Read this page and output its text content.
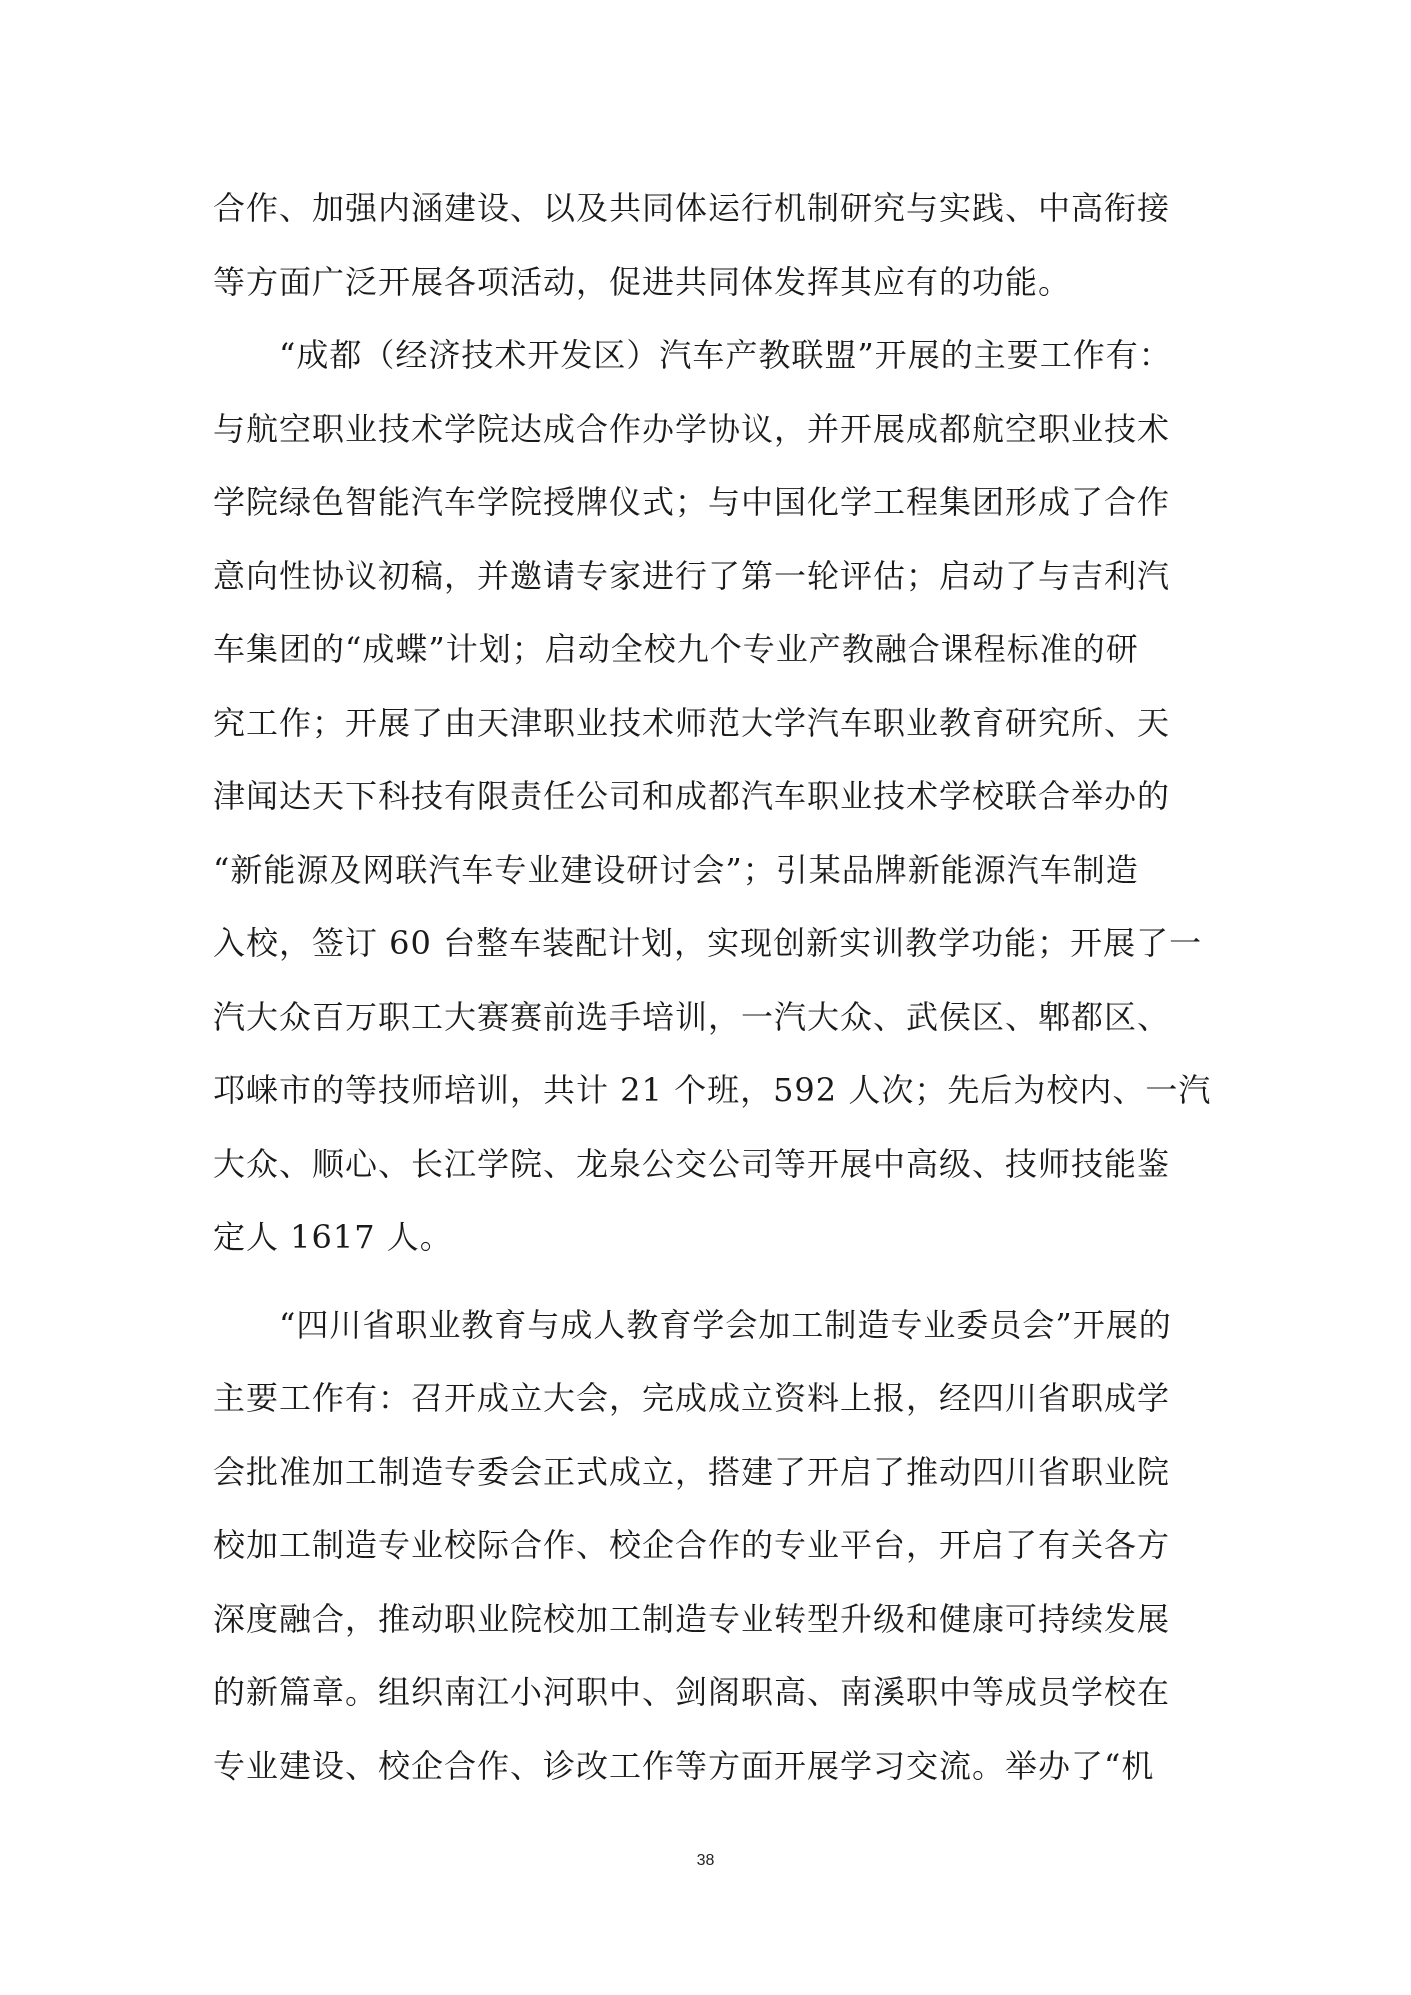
合作、加强内涵建设、以及共同体运行机制研究与实践、中高衔接
等方面广泛开展各项活动，促进共同体发挥其应有的功能。
“成都（经济技术开发区）汽车产教联盟”开展的主要工作有：
与航空职业技术学院达成合作办学协议，并开展成都航空职业技术
学院绿色智能汽车学院授牌仪式；与中国化学工程集团形成了合作
意向性协议初稿，并邀请专家进行了第一轮评估；启动了与吉利汽
车集团的“成蝶”计划；启动全校九个专业产教融合课程标准的研
究工作；开展了由天津职业技术师范大学汽车职业教育研究所、天
津闻达天下科技有限责任公司和成都汽车职业技术学校联合举办的
“新能源及网联汽车专业建设研讨会”；引某品牌新能源汽车制造
入校，签订 60 台整车装配计划，实现创新实训教学功能；开展了一
汽大众百万职工大赛赛前选手培训，一汽大众、武侯区、郫都区、
邛崃市的等技师培训，共计 21 个班，592 人次；先后为校内、一汽
大众、顺心、长江学院、龙泉公交公司等开展中高级、技师技能鉴
定人 1617 人。
“四川省职业教育与成人教育学会加工制造专业委员会”开展的
主要工作有：召开成立大会，完成成立资料上报，经四川省职成学
会批准加工制造专委会正式成立，搭建了开启了推动四川省职业院
校加工制造专业校际合作、校企合作的专业平台，开启了有关各方
深度融合，推动职业院校加工制造专业转型升级和健康可持续发展
的新篇章。组织南江小河职中、剑阁职高、南溪职中等成员学校在
专业建设、校企合作、诊改工作等方面开展学习交流。举办了“机
38
